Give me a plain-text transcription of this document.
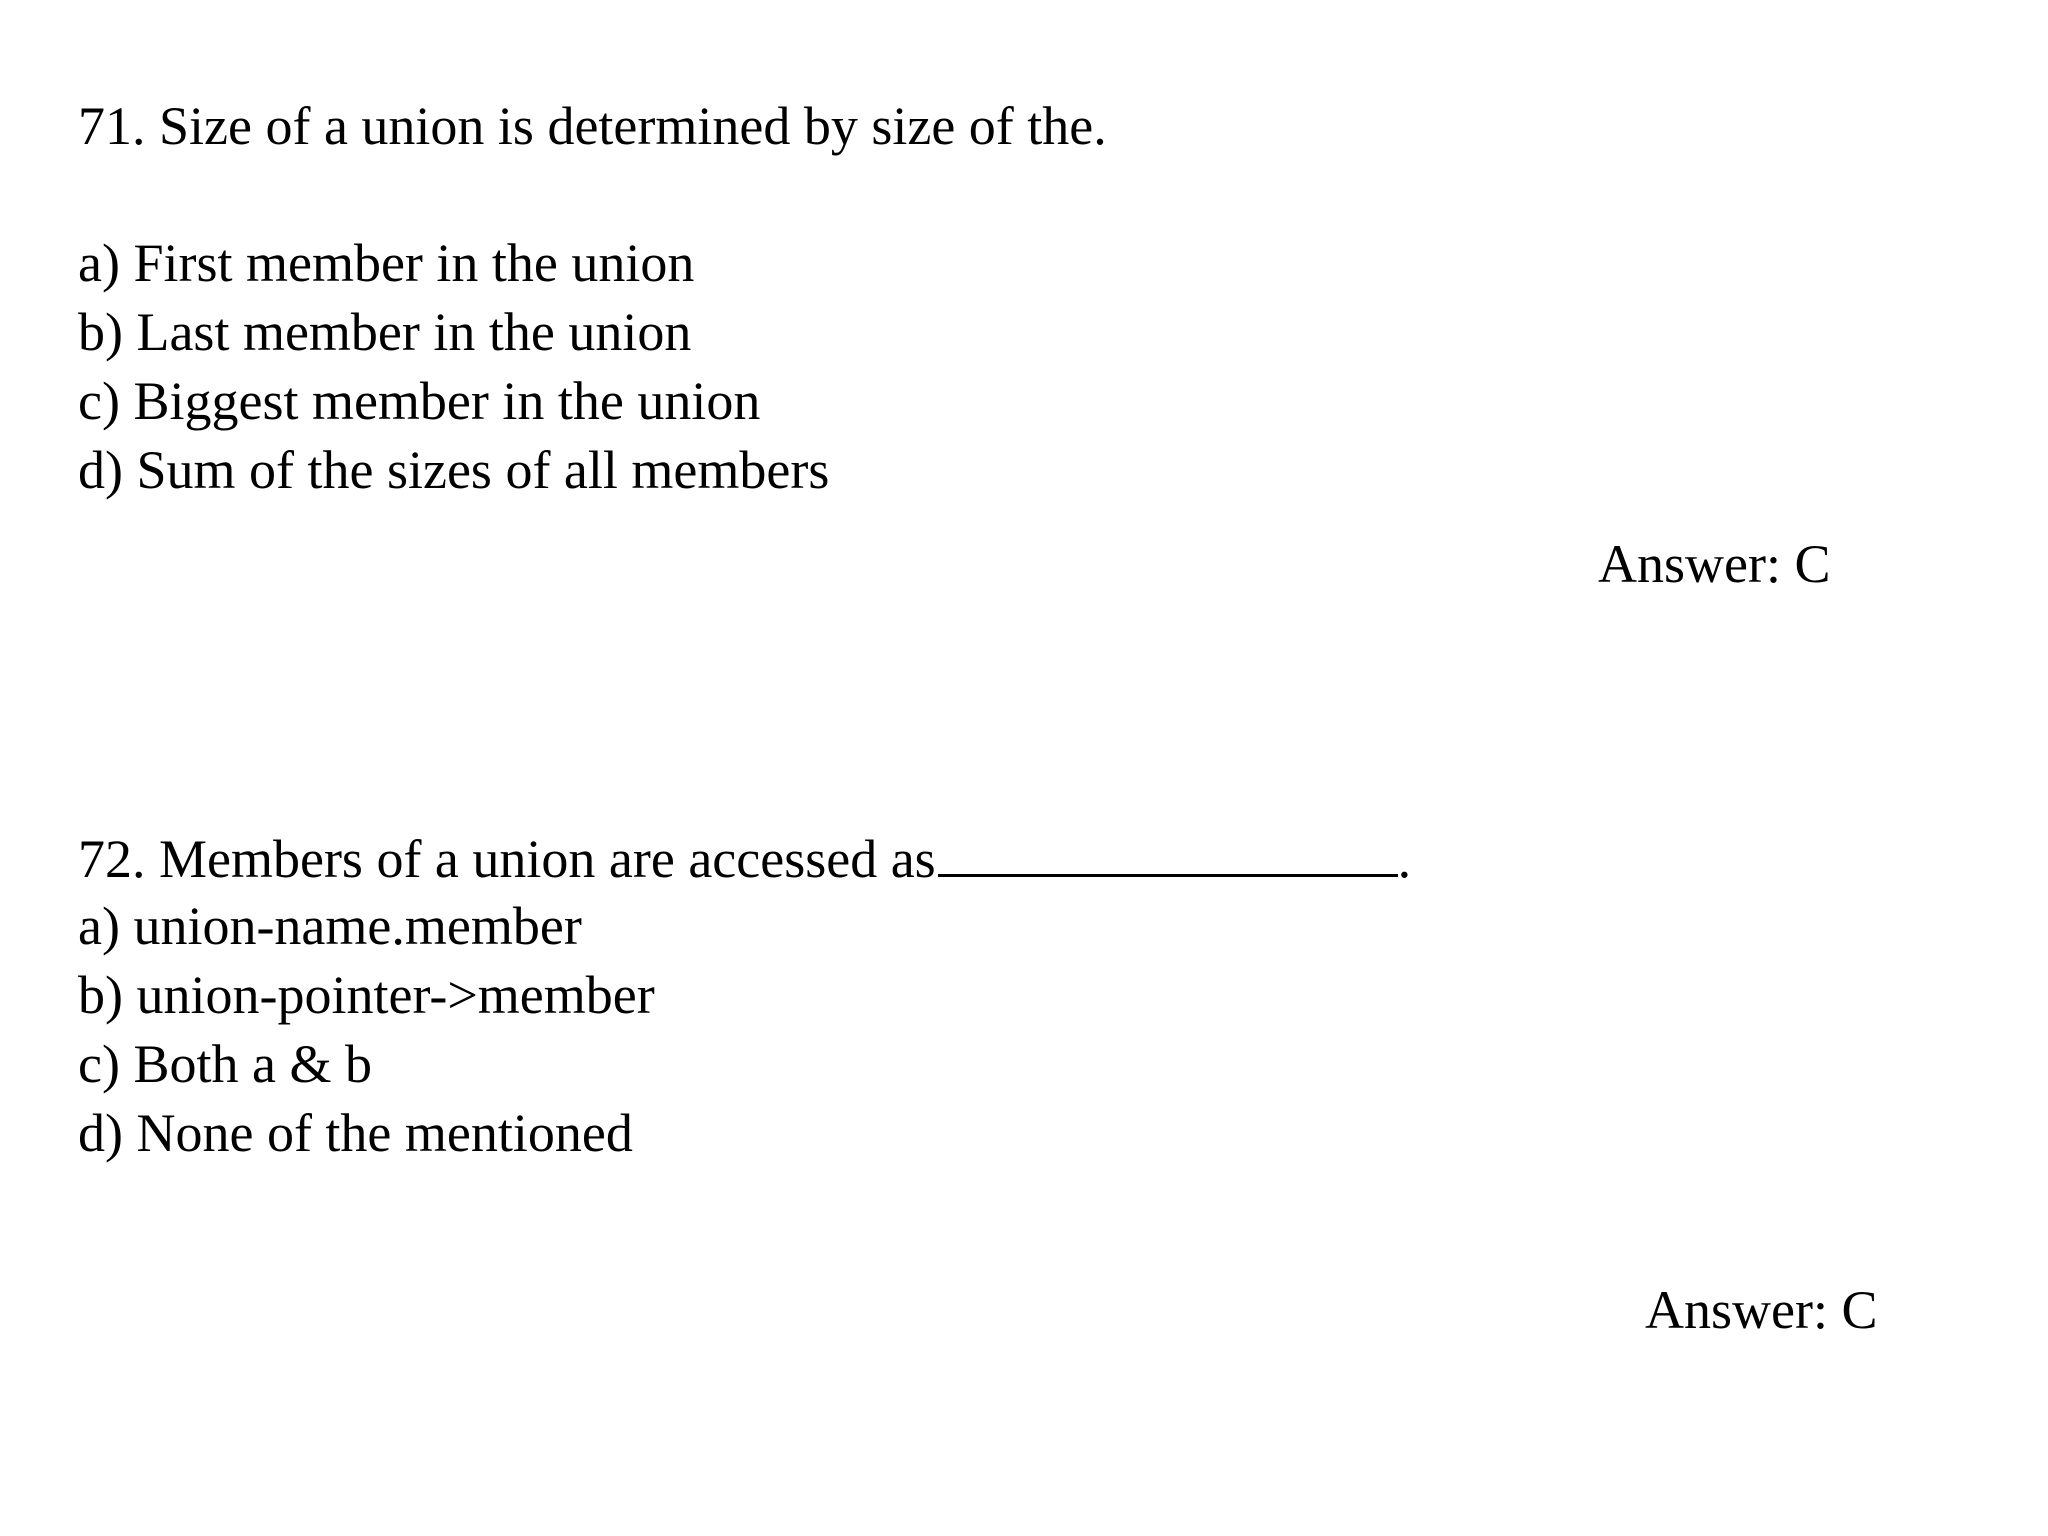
71. Size of a union is determined by size of the.
a) First member in the union
b) Last member in the union
c) Biggest member in the union
d) Sum of the sizes of all members
Answer: C
72. Members of a union are accessed as	.
a) union-name.member
b) union-pointer->member
c) Both a & b
d) None of the mentioned
Answer: C
